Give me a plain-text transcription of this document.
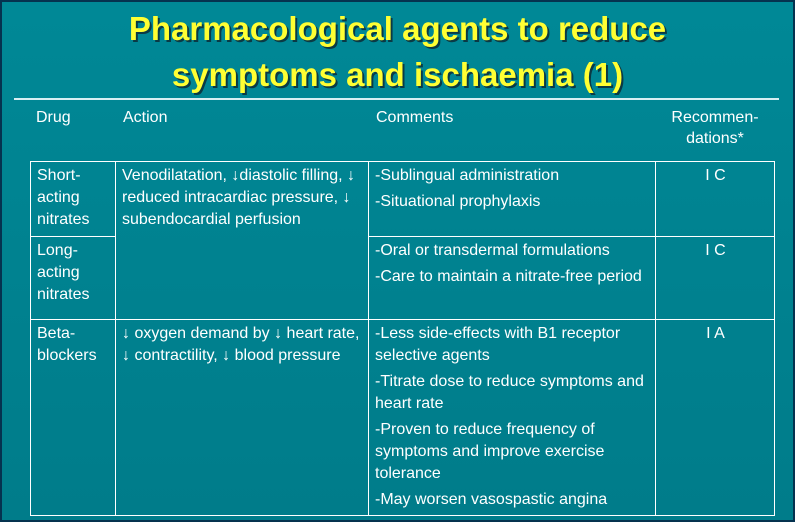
Pharmacological agents to reduce
symptoms and ischaemia (1)
Drug	Action	Comments	Recommen-
dations*
Short-
acting
nitrates	Venodilatation, ↓diastolic filling, ↓ reduced intracardiac pressure, ↓ subendocardial perfusion	-Sublingual administration
-Situational prophylaxis	I C
Long-
acting
nitrates		-Oral or transdermal formulations
-Care to maintain a nitrate-free period	I C
Beta-
blockers	↓ oxygen demand by ↓ heart rate, ↓ contractility, ↓ blood pressure	-Less side-effects with B1 receptor selective agents
-Titrate dose to reduce symptoms and heart rate
-Proven to reduce frequency of symptoms and improve exercise tolerance
-May worsen vasospastic angina	I A
